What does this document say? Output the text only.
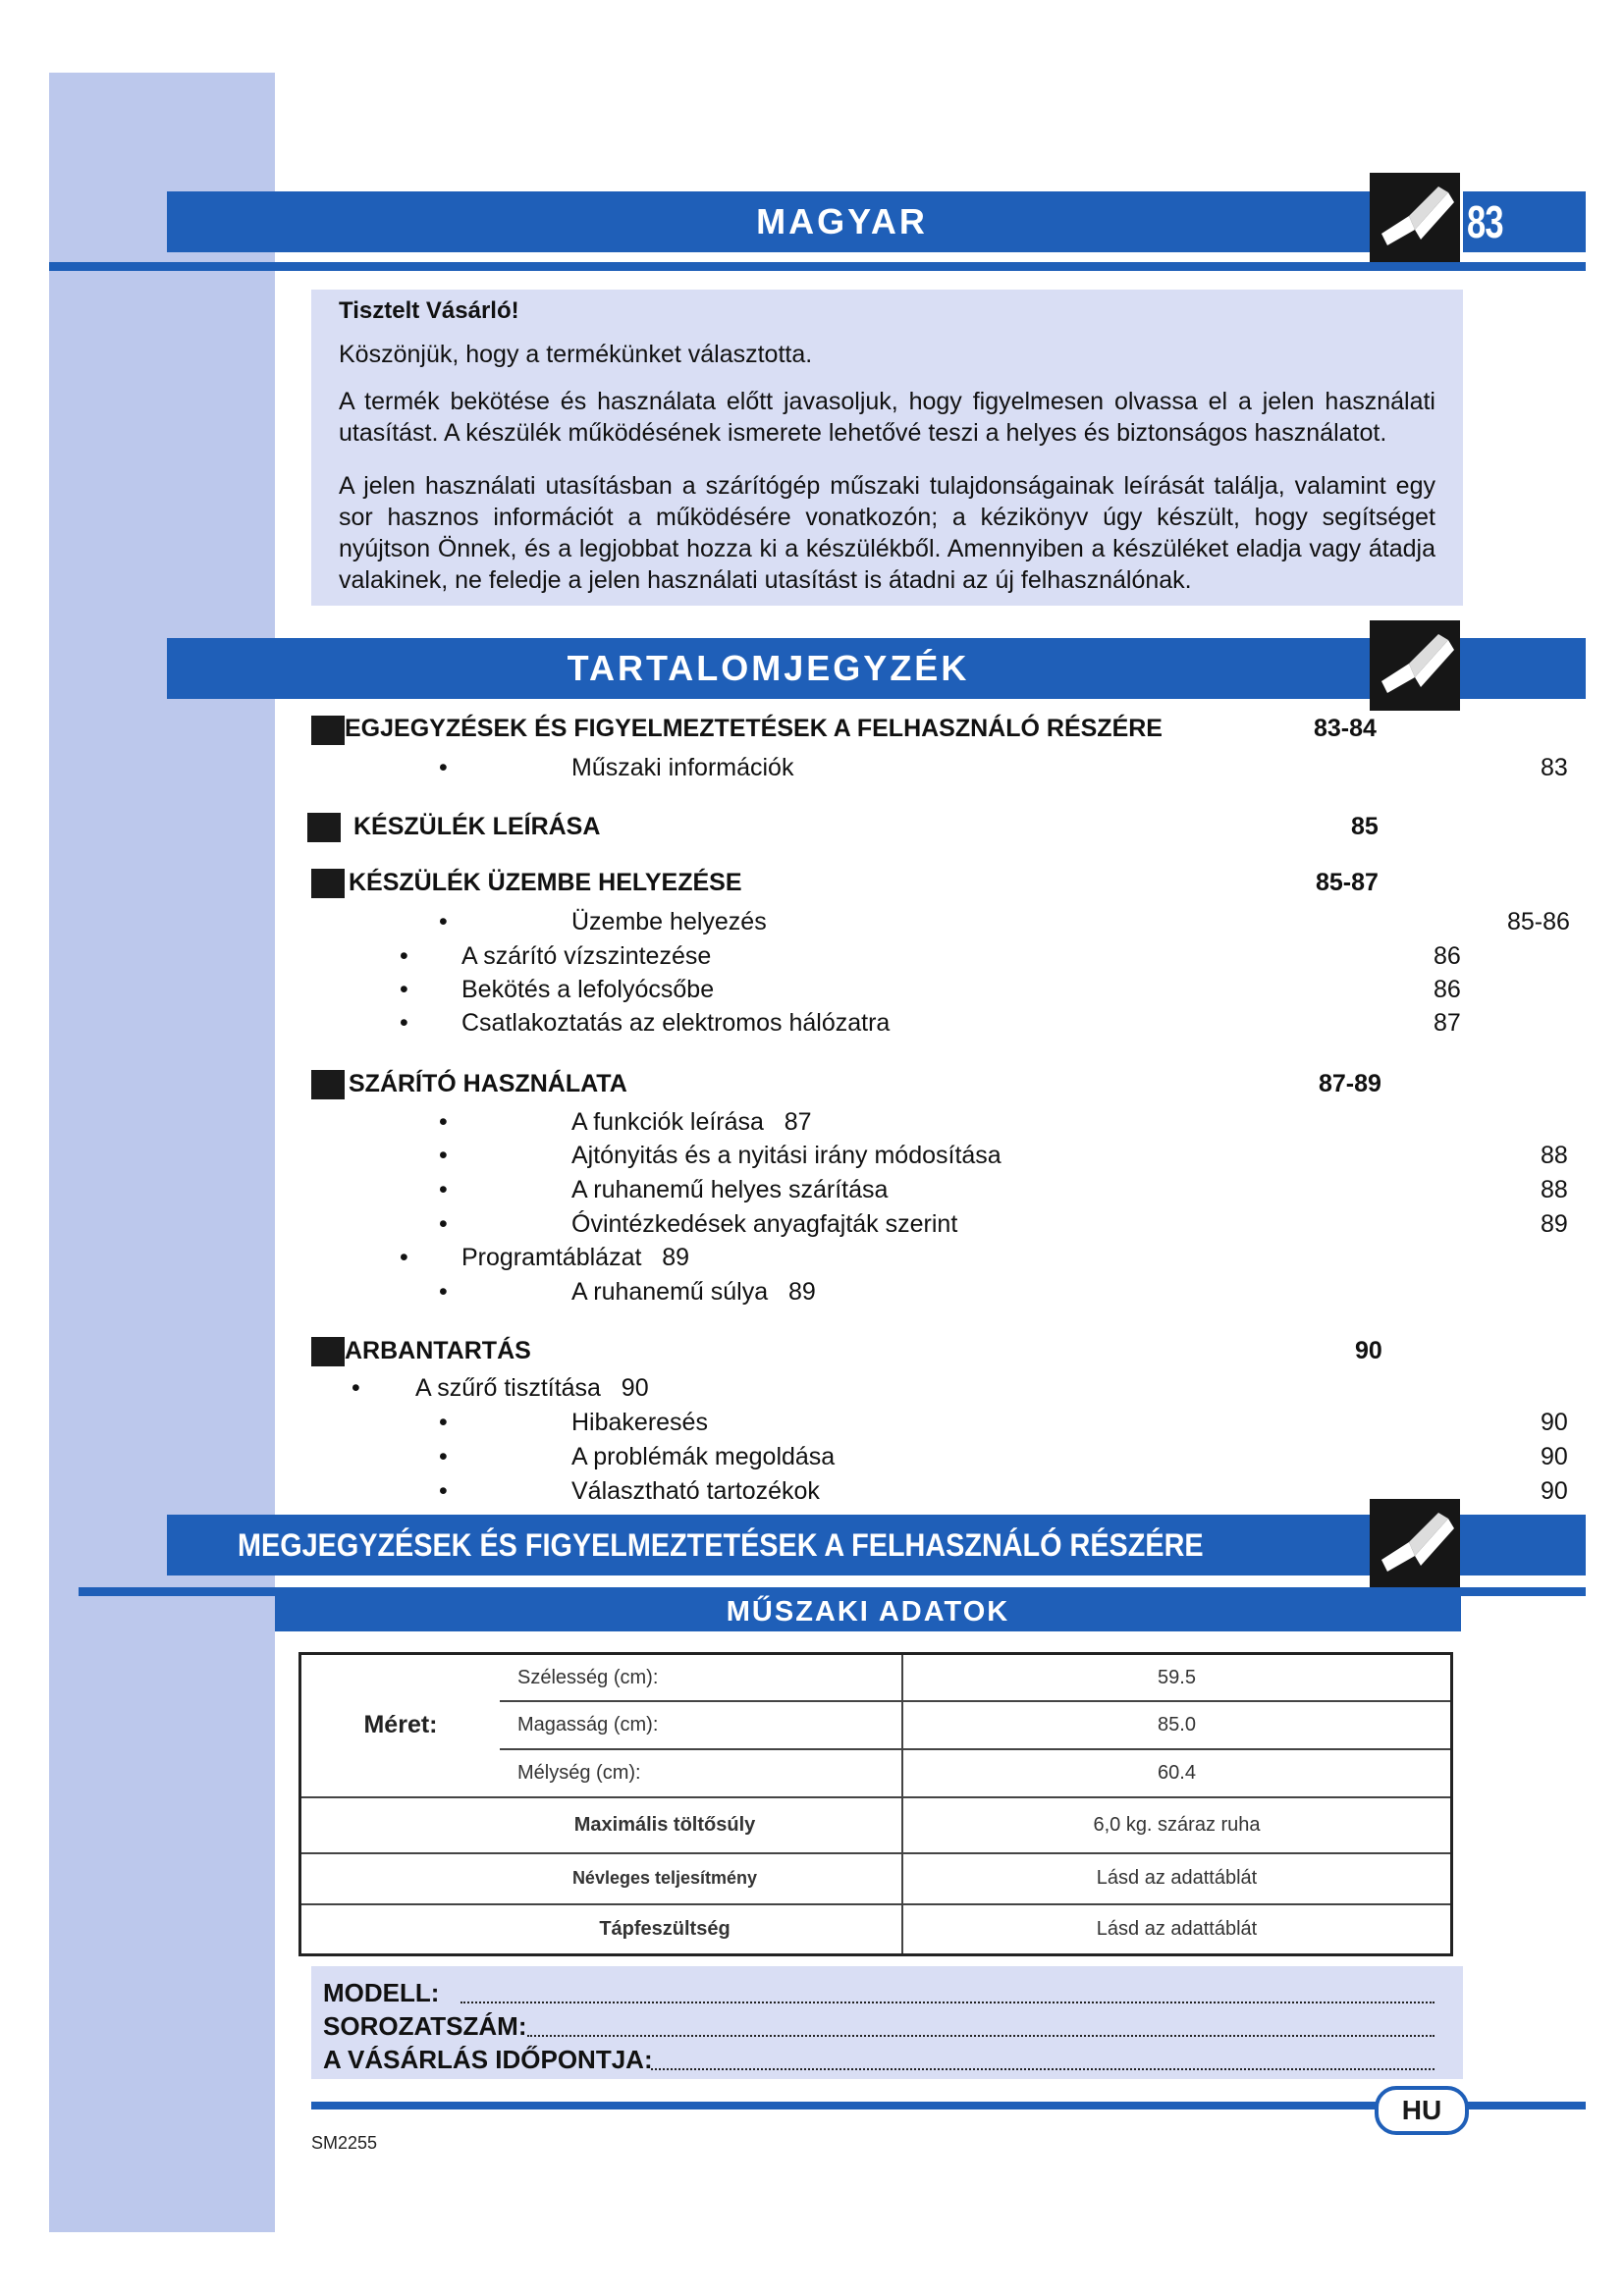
MAGYAR	83

Tisztelt Vásárló!

Köszönjük, hogy a termékünket választotta.

A termék bekötése és használata előtt javasoljuk, hogy figyelmesen olvassa el a jelen használati utasítást. A készülék működésének ismerete lehetővé teszi a helyes és biztonságos használatot.

A jelen használati utasításban a szárítógép műszaki tulajdonságainak leírását találja, valamint egy sor hasznos információt a működésére vonatkozón; a kézikönyv úgy készült, hogy segítséget nyújtson Önnek, és a legjobbat hozza ki a készülékből. Amennyiben a készüléket eladja vagy átadja valakinek, ne feledje a jelen használati utasítást is átadni az új felhasználónak.

TARTALOMJEGYZÉK
EGJEGYZÉSEK ÉS FIGYELMEZTETÉSEK A FELHASZNÁLÓ RÉSZÉRE	83-84
•
Műszaki információk	83
KÉSZÜLÉK LEÍRÁSA	85
KÉSZÜLÉK ÜZEMBE HELYEZÉSE	85-87
•
Üzembe helyezés	85-86
•
A szárító vízszintezése	86
•
Bekötés a lefolyócsőbe	86
•
Csatlakoztatás az elektromos hálózatra	87
SZÁRÍTÓ HASZNÁLATA	87-89
•
A funkciók leírása   87
•
Ajtónyitás és a nyitási irány módosítása	88
•
A ruhanemű helyes szárítása	88
•
Óvintézkedések anyagfajták szerint	89
•
Programtáblázat   89
•
A ruhanemű súlya   89
ARBANTARTÁS	90
•
A szűrő tisztítása   90
•
Hibakeresés	90
•
A problémák megoldása	90
•
Választható tartozékok	90
MEGJEGYZÉSEK ÉS FIGYELMEZTETÉSEK A FELHASZNÁLÓ RÉSZÉRE
MŰSZAKI ADATOK
Méret:	Szélesség (cm):	59.5
	Magasság (cm):	85.0
	Mélység (cm):	60.4
Maximális töltősúly		6,0 kg. száraz ruha
Névleges teljesítmény		Lásd az adattáblát
Tápfeszültség		Lásd az adattáblát
MODELL:
SOROZATSZÁM:
A VÁSÁRLÁS IDŐPONTJA:
HU
SM2255
